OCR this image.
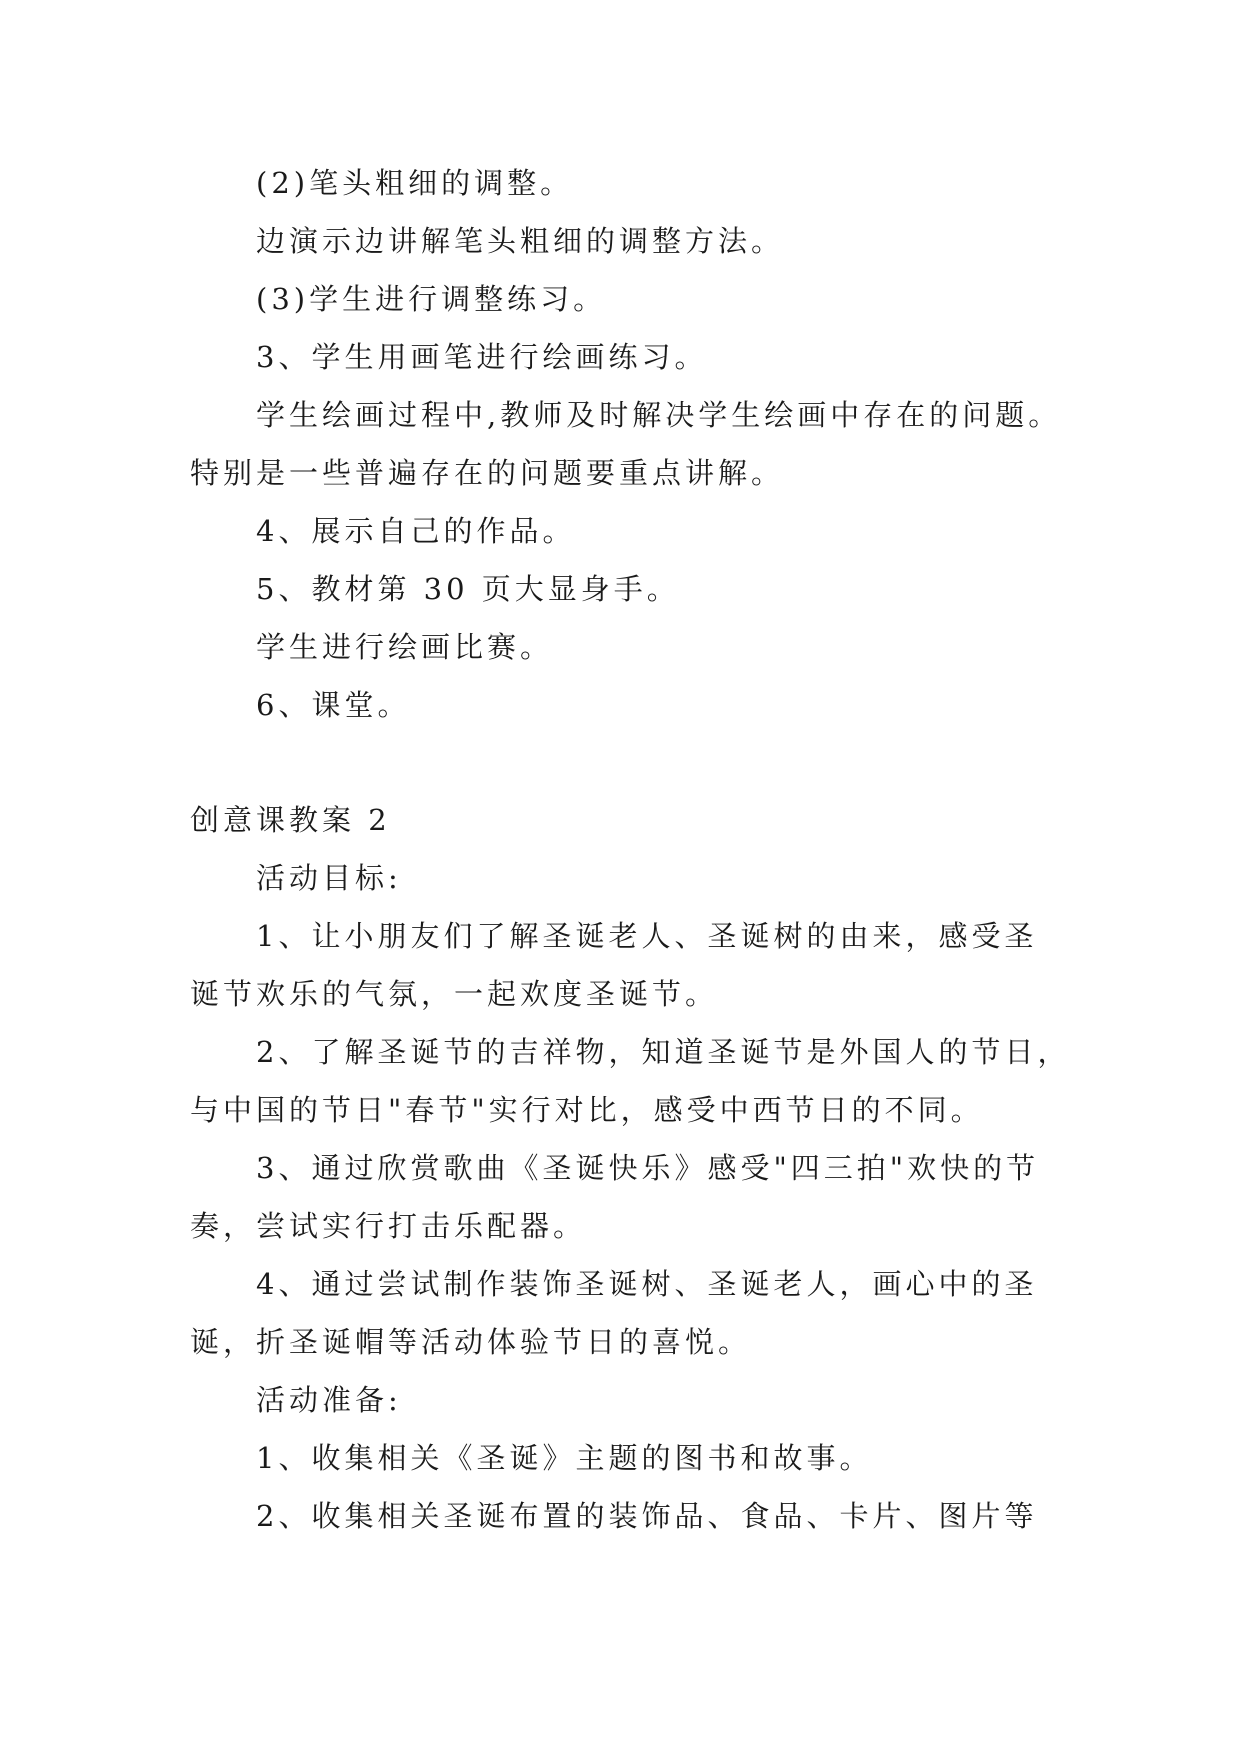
(2)笔头粗细的调整。
边演示边讲解笔头粗细的调整方法。
(3)学生进行调整练习。
3、学生用画笔进行绘画练习。
学生绘画过程中,教师及时解决学生绘画中存在的问题。
特别是一些普遍存在的问题要重点讲解。
4、展示自己的作品。
5、教材第 30 页大显身手。
学生进行绘画比赛。
6、课堂。
创意课教案 2
活动目标:
1、让小朋友们了解圣诞老人、圣诞树的由来，感受圣
诞节欢乐的气氛，一起欢度圣诞节。
2、了解圣诞节的吉祥物，知道圣诞节是外国人的节日，
与中国的节日"春节"实行对比，感受中西节日的不同。
3、通过欣赏歌曲《圣诞快乐》感受"四三拍"欢快的节
奏，尝试实行打击乐配器。
4、通过尝试制作装饰圣诞树、圣诞老人，画心中的圣
诞，折圣诞帽等活动体验节日的喜悦。
活动准备:
1、收集相关《圣诞》主题的图书和故事。
2、收集相关圣诞布置的装饰品、食品、卡片、图片等
